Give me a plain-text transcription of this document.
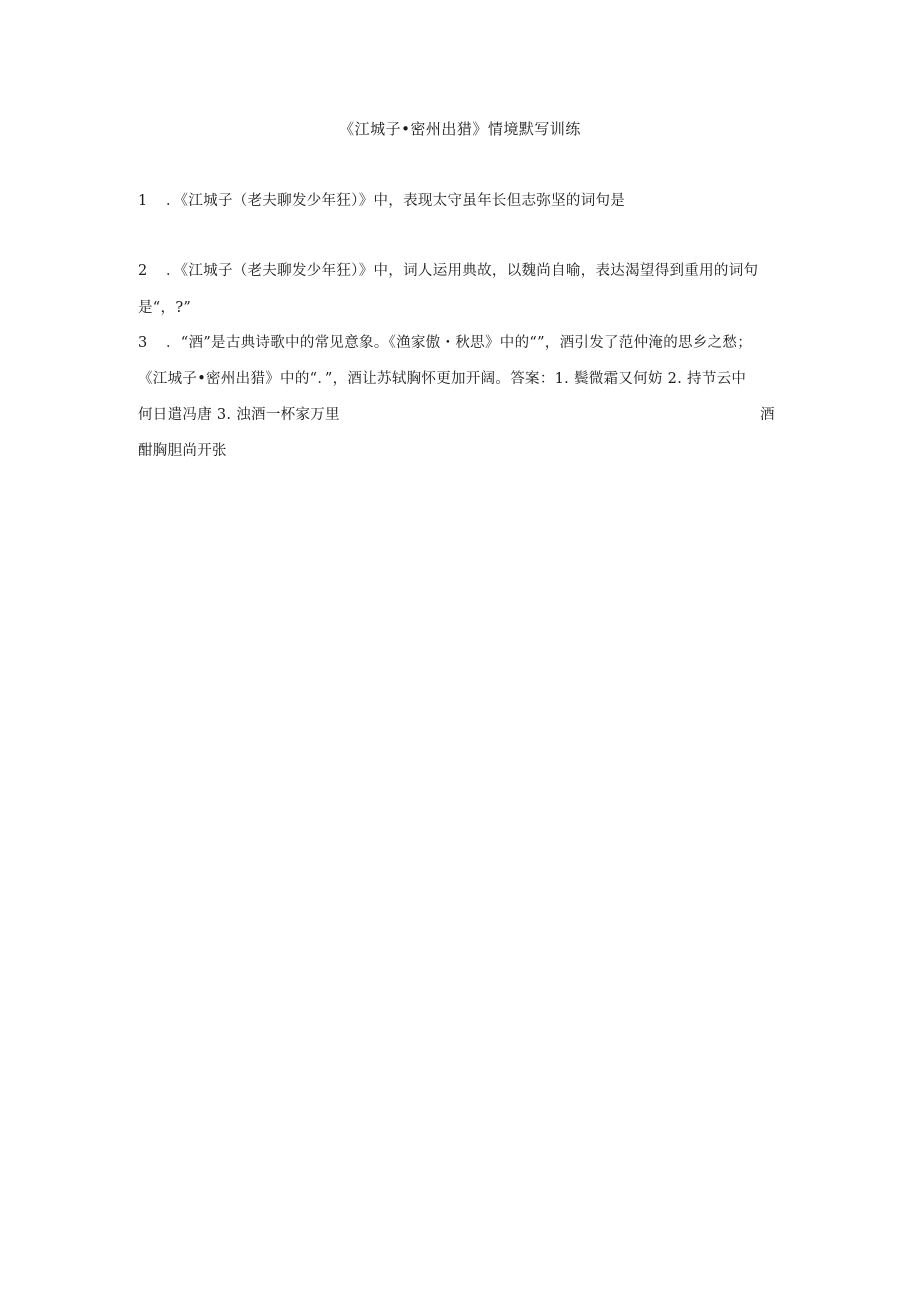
《江城子•密州出猎》情境默写训练
1 ．《江城子（老夫聊发少年狂）》中，表现太守虽年长但志弥坚的词句是
2 ．《江城子（老夫聊发少年狂）》中，词人运用典故，以魏尚自喻，表达渴望得到重用的词句
是“，?”
3 ．“酒”是古典诗歌中的常见意象。《渔家傲・秋思》中的“”，酒引发了范仲淹的思乡之愁；
《江城子•密州出猎》中的“．”，酒让苏轼胸怀更加开阔。答案：1. 鬓微霜又何妨 2. 持节云中
何日遣冯唐 3. 浊酒一杯家万里	酒
酣胸胆尚开张
